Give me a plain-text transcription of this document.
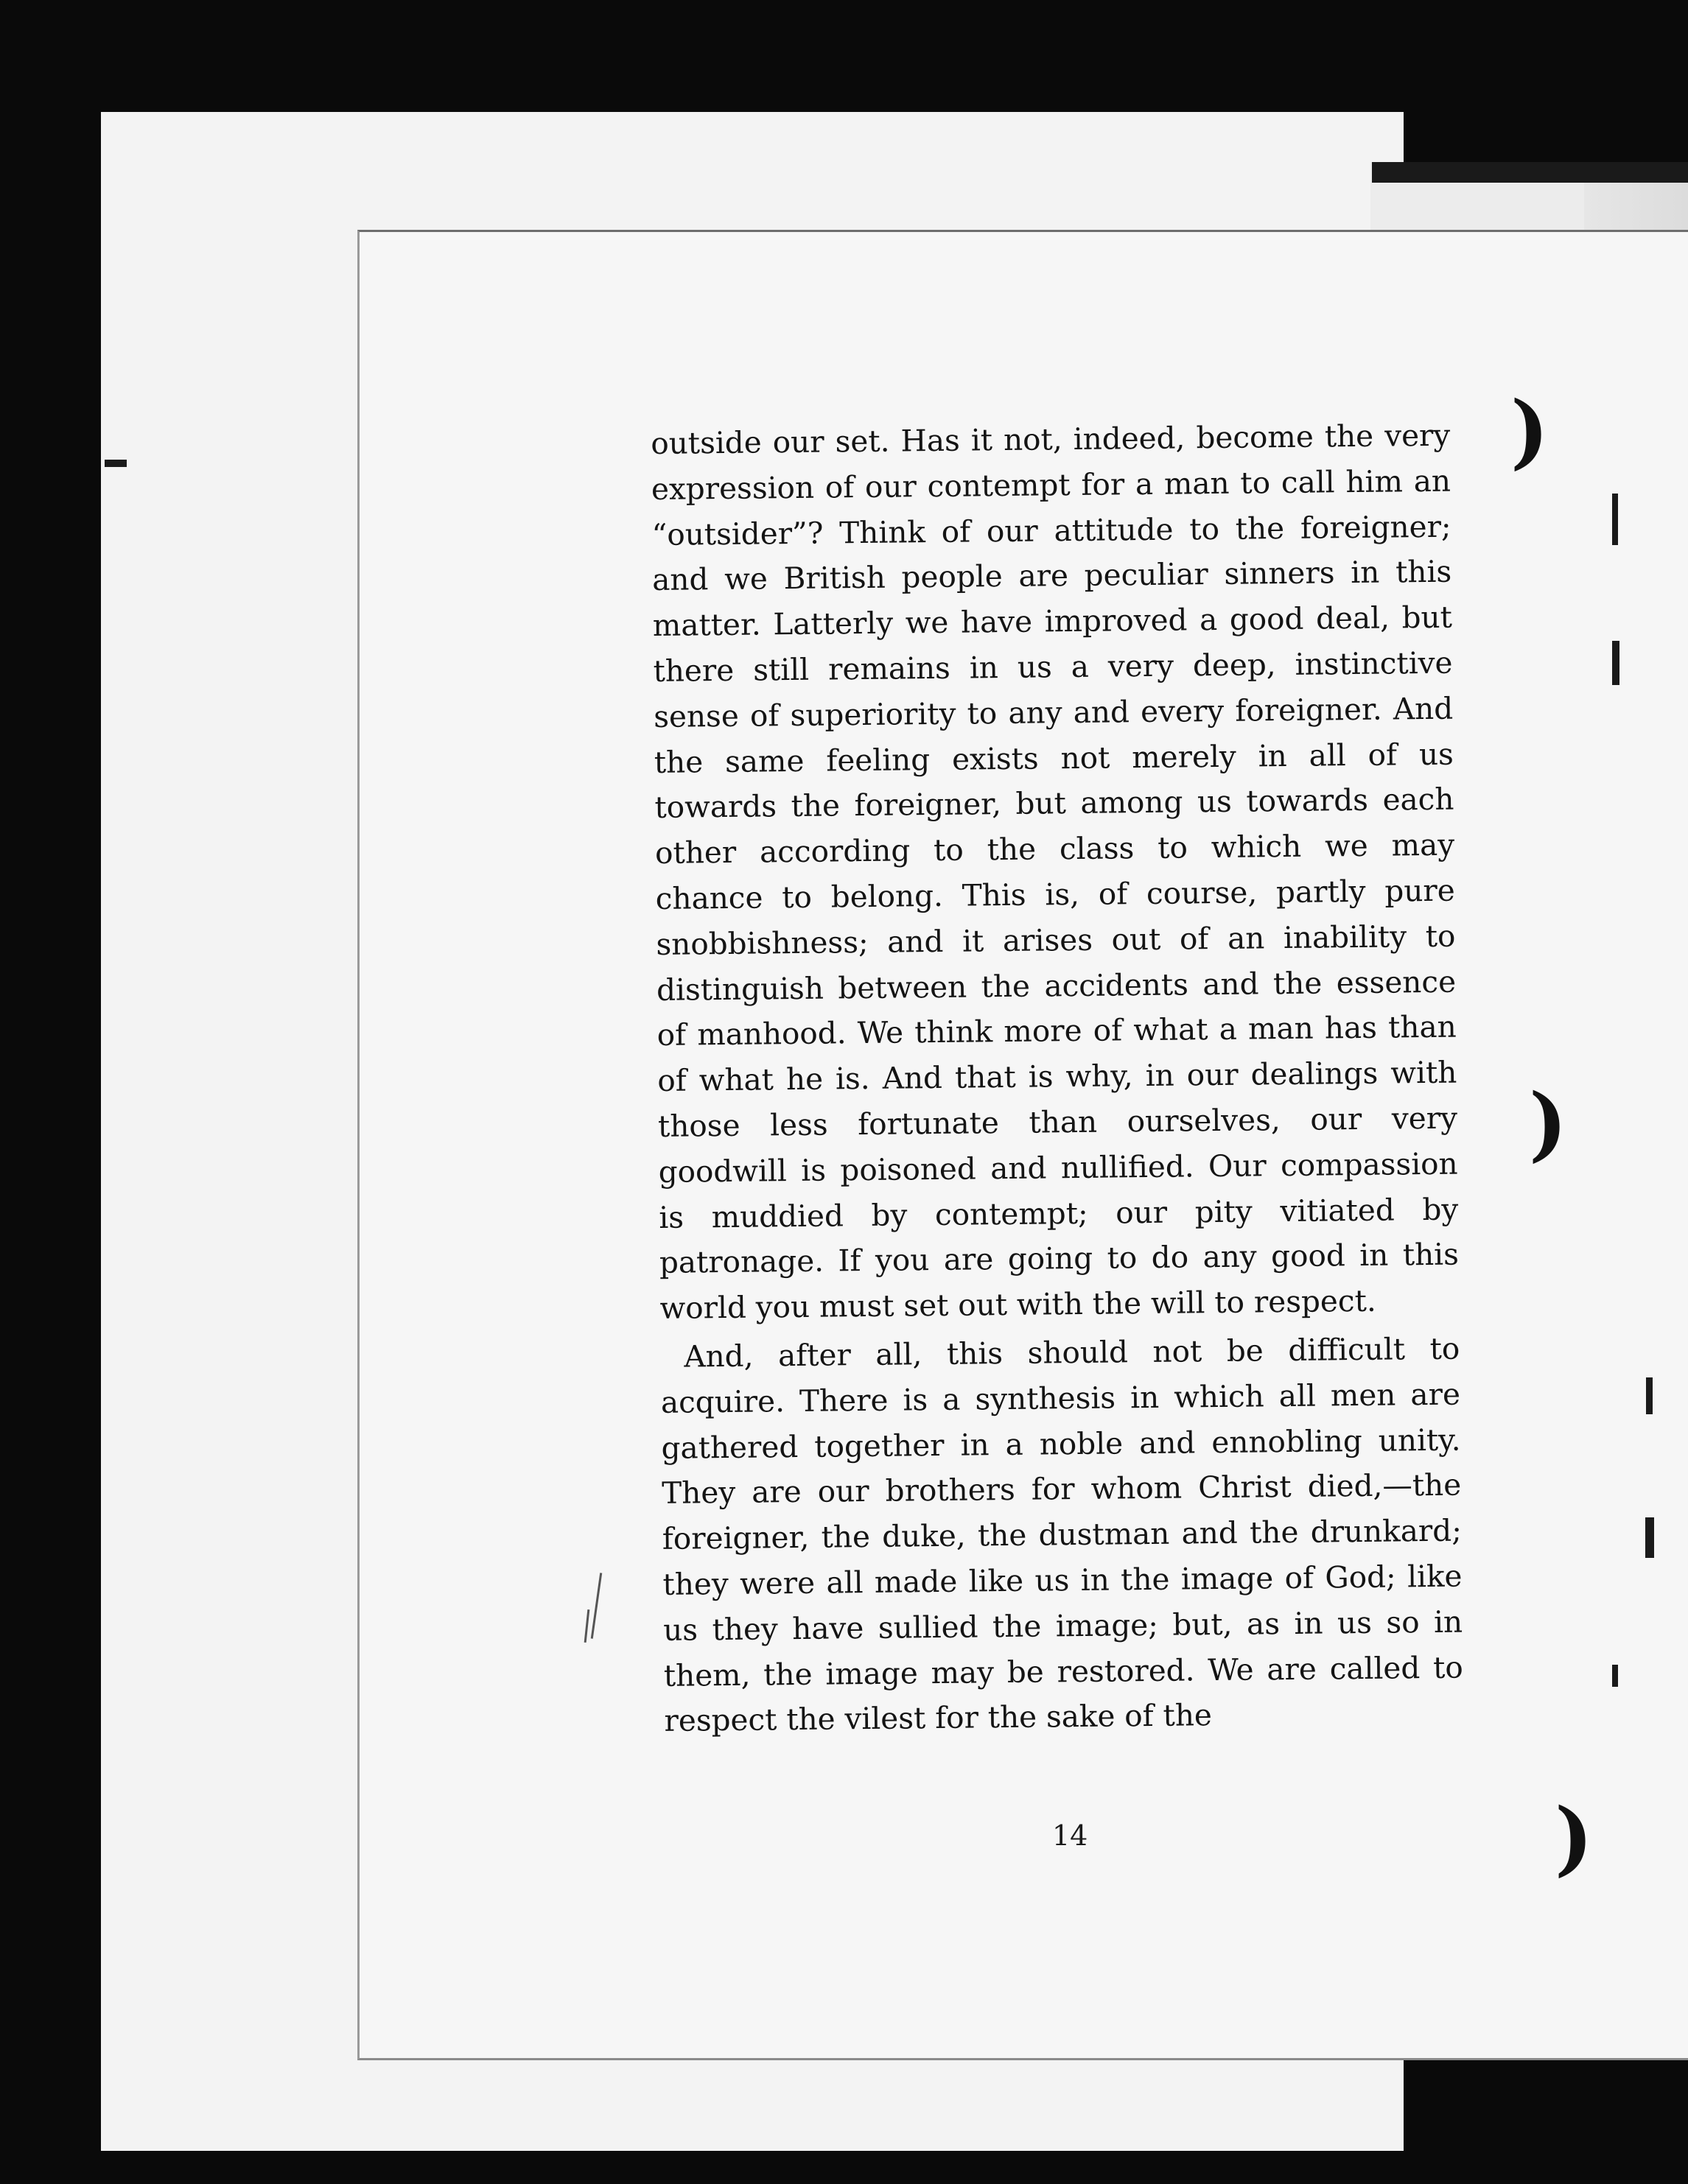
)
)
)

outside our set. Has it not, indeed, become the very expression of our contempt for a man to call him an “outsider”? Think of our attitude to the foreigner; and we British people are peculiar sinners in this matter. Latterly we have improved a good deal, but there still remains in us a very deep, instinctive sense of superiority to any and every foreigner. And the same feeling exists not merely in all of us towards the foreigner, but among us towards each other according to the class to which we may chance to belong. This is, of course, partly pure snobbishness; and it arises out of an inability to distinguish between the accidents and the essence of manhood. We think more of what a man has than of what he is. And that is why, in our dealings with those less fortunate than ourselves, our very goodwill is poisoned and nullified. Our compassion is muddied by contempt; our pity vitiated by patronage. If you are going to do any good in this world you must set out with the will to respect.

And, after all, this should not be difficult to acquire. There is a synthesis in which all men are gathered together in a noble and ennobling unity. They are our brothers for whom Christ died,—the foreigner, the duke, the dustman and the drunkard; they were all made like us in the image of God; like us they have sullied the image; but, as in us so in them, the image may be restored. We are called to respect the vilest for the sake of the

14
